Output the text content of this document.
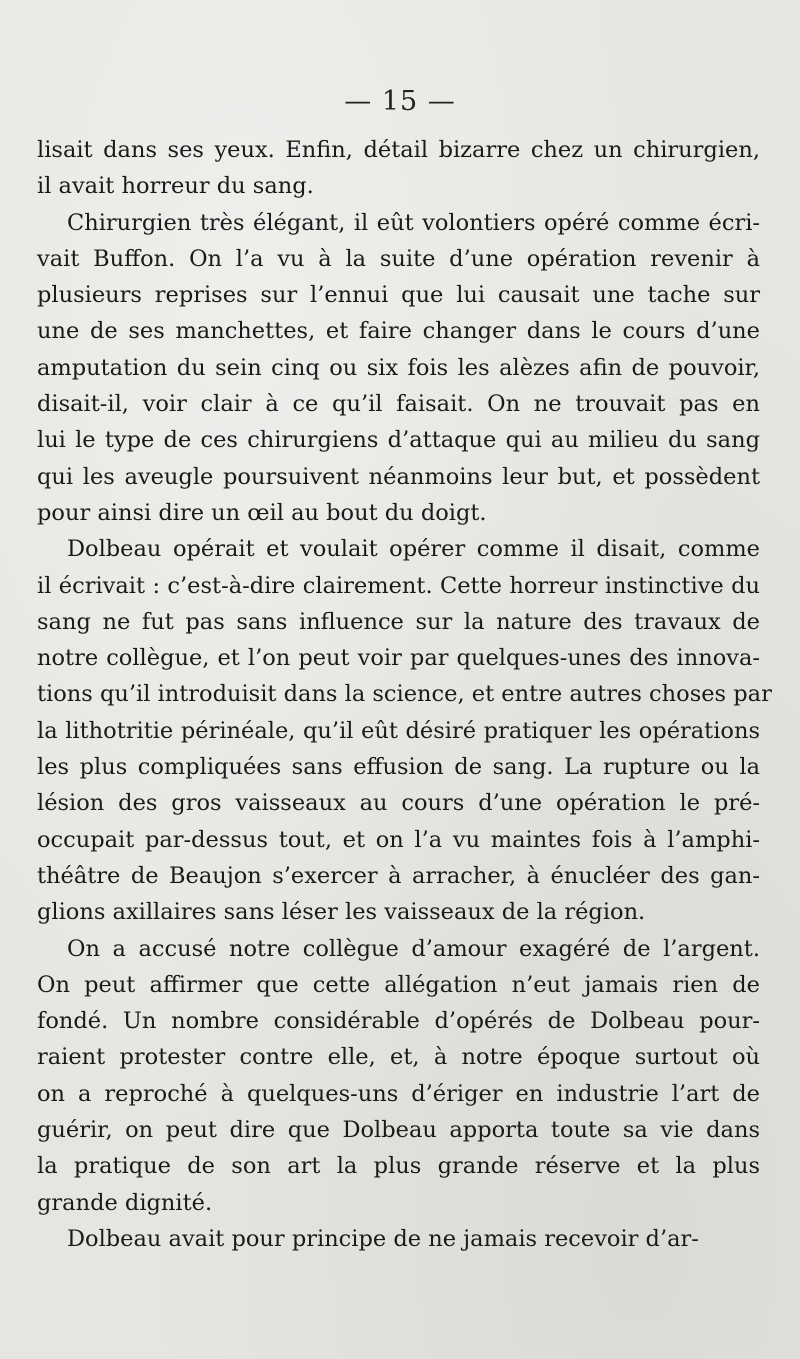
— 15 —
lisait dans ses yeux. Enfin, détail bizarre chez un chirurgien,
il avait horreur du sang.
Chirurgien très élégant, il eût volontiers opéré comme écri-
vait Buffon. On l’a vu à la suite d’une opération revenir à
plusieurs reprises sur l’ennui que lui causait une tache sur
une de ses manchettes, et faire changer dans le cours d’une
amputation du sein cinq ou six fois les alèzes afin de pouvoir,
disait-il, voir clair à ce qu’il faisait. On ne trouvait pas en
lui le type de ces chirurgiens d’attaque qui au milieu du sang
qui les aveugle poursuivent néanmoins leur but, et possèdent
pour ainsi dire un œil au bout du doigt.
Dolbeau opérait et voulait opérer comme il disait, comme
il écrivait : c’est-à-dire clairement. Cette horreur instinctive du
sang ne fut pas sans influence sur la nature des travaux de
notre collègue, et l’on peut voir par quelques-unes des innova-
tions qu’il introduisit dans la science, et entre autres choses par
la lithotritie périnéale, qu’il eût désiré pratiquer les opérations
les plus compliquées sans effusion de sang. La rupture ou la
lésion des gros vaisseaux au cours d’une opération le pré-
occupait par-dessus tout, et on l’a vu maintes fois à l’amphi-
théâtre de Beaujon s’exercer à arracher, à énucléer des gan-
glions axillaires sans léser les vaisseaux de la région.
On a accusé notre collègue d’amour exagéré de l’argent.
On peut affirmer que cette allégation n’eut jamais rien de
fondé. Un nombre considérable d’opérés de Dolbeau pour-
raient protester contre elle, et, à notre époque surtout où
on a reproché à quelques-uns d’ériger en industrie l’art de
guérir, on peut dire que Dolbeau apporta toute sa vie dans
la pratique de son art la plus grande réserve et la plus
grande dignité.
Dolbeau avait pour principe de ne jamais recevoir d’ar-
